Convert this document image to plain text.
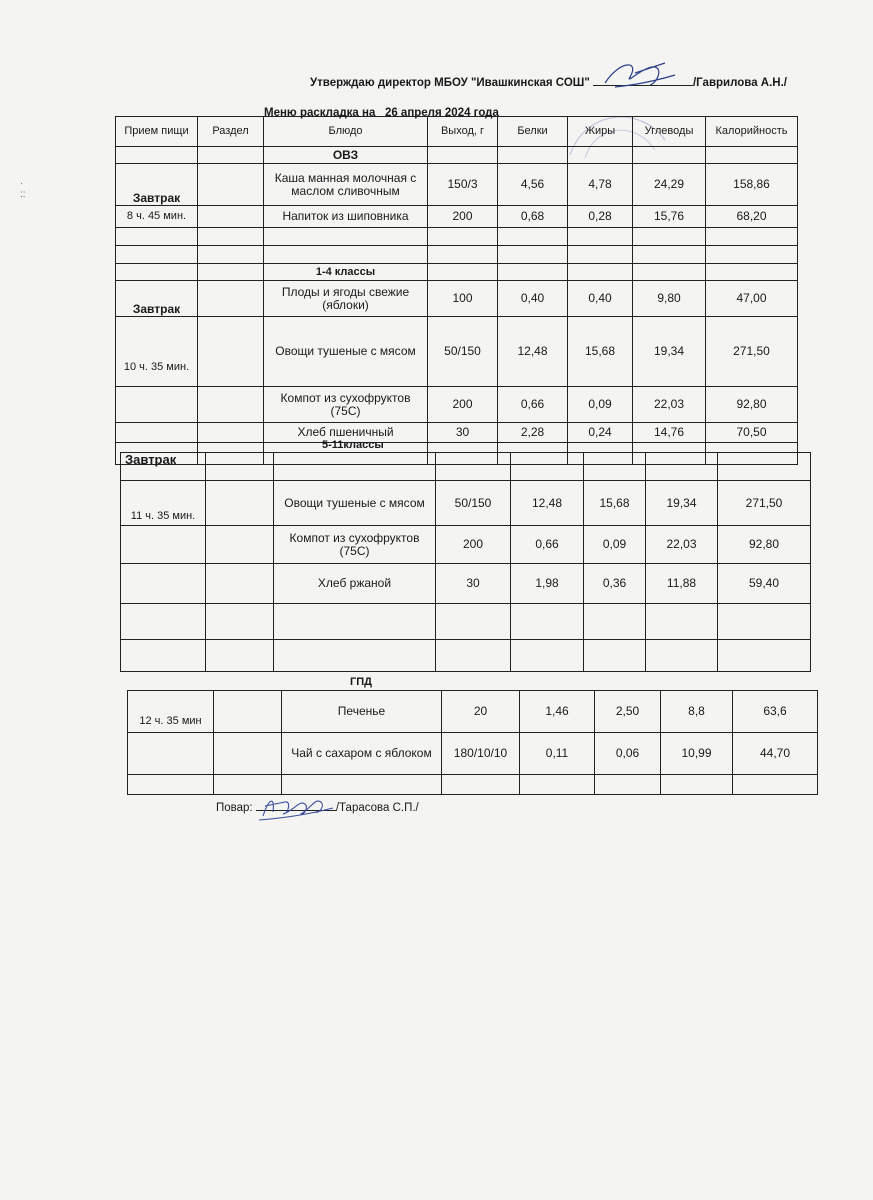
·
::
Утверждаю директор МБОУ "Ивашкинская СОШ"	/Гаврилова А.Н./
Меню раскладка на 26 апреля 2024 года
Прием пищи	Раздел	Блюдо	Выход, г	Белки	Жиры	Углеводы	Калорийность
		ОВЗ					
Завтрак		Каша манная молочная с маслом сливочным	150/3	4,56	4,78	24,29	158,86
8 ч. 45 мин.		Напиток из шиповника	200	0,68	0,28	15,76	68,20

		1-4 классы					
Завтрак		Плоды и ягоды свежие (яблоки)	100	0,40	0,40	9,80	47,00
10 ч. 35 мин.		Овощи тушеные с мясом	50/150	12,48	15,68	19,34	271,50
		Компот из сухофруктов (75С)	200	0,66	0,09	22,03	92,80
		Хлеб пшеничный	30	2,28	0,24	14,76	70,50

5-11классы
Завтрак							
11 ч. 35 мин.		Овощи тушеные с мясом	50/150	12,48	15,68	19,34	271,50
		Компот из сухофруктов (75С)	200	0,66	0,09	22,03	92,80
		Хлеб ржаной	30	1,98	0,36	11,88	59,40

ГПД
12 ч. 35 мин		Печенье	20	1,46	2,50	8,8	63,6
		Чай с сахаром с яблоком	180/10/10	0,11	0,06	10,99	44,70

Повар:	/Тарасова С.П./
